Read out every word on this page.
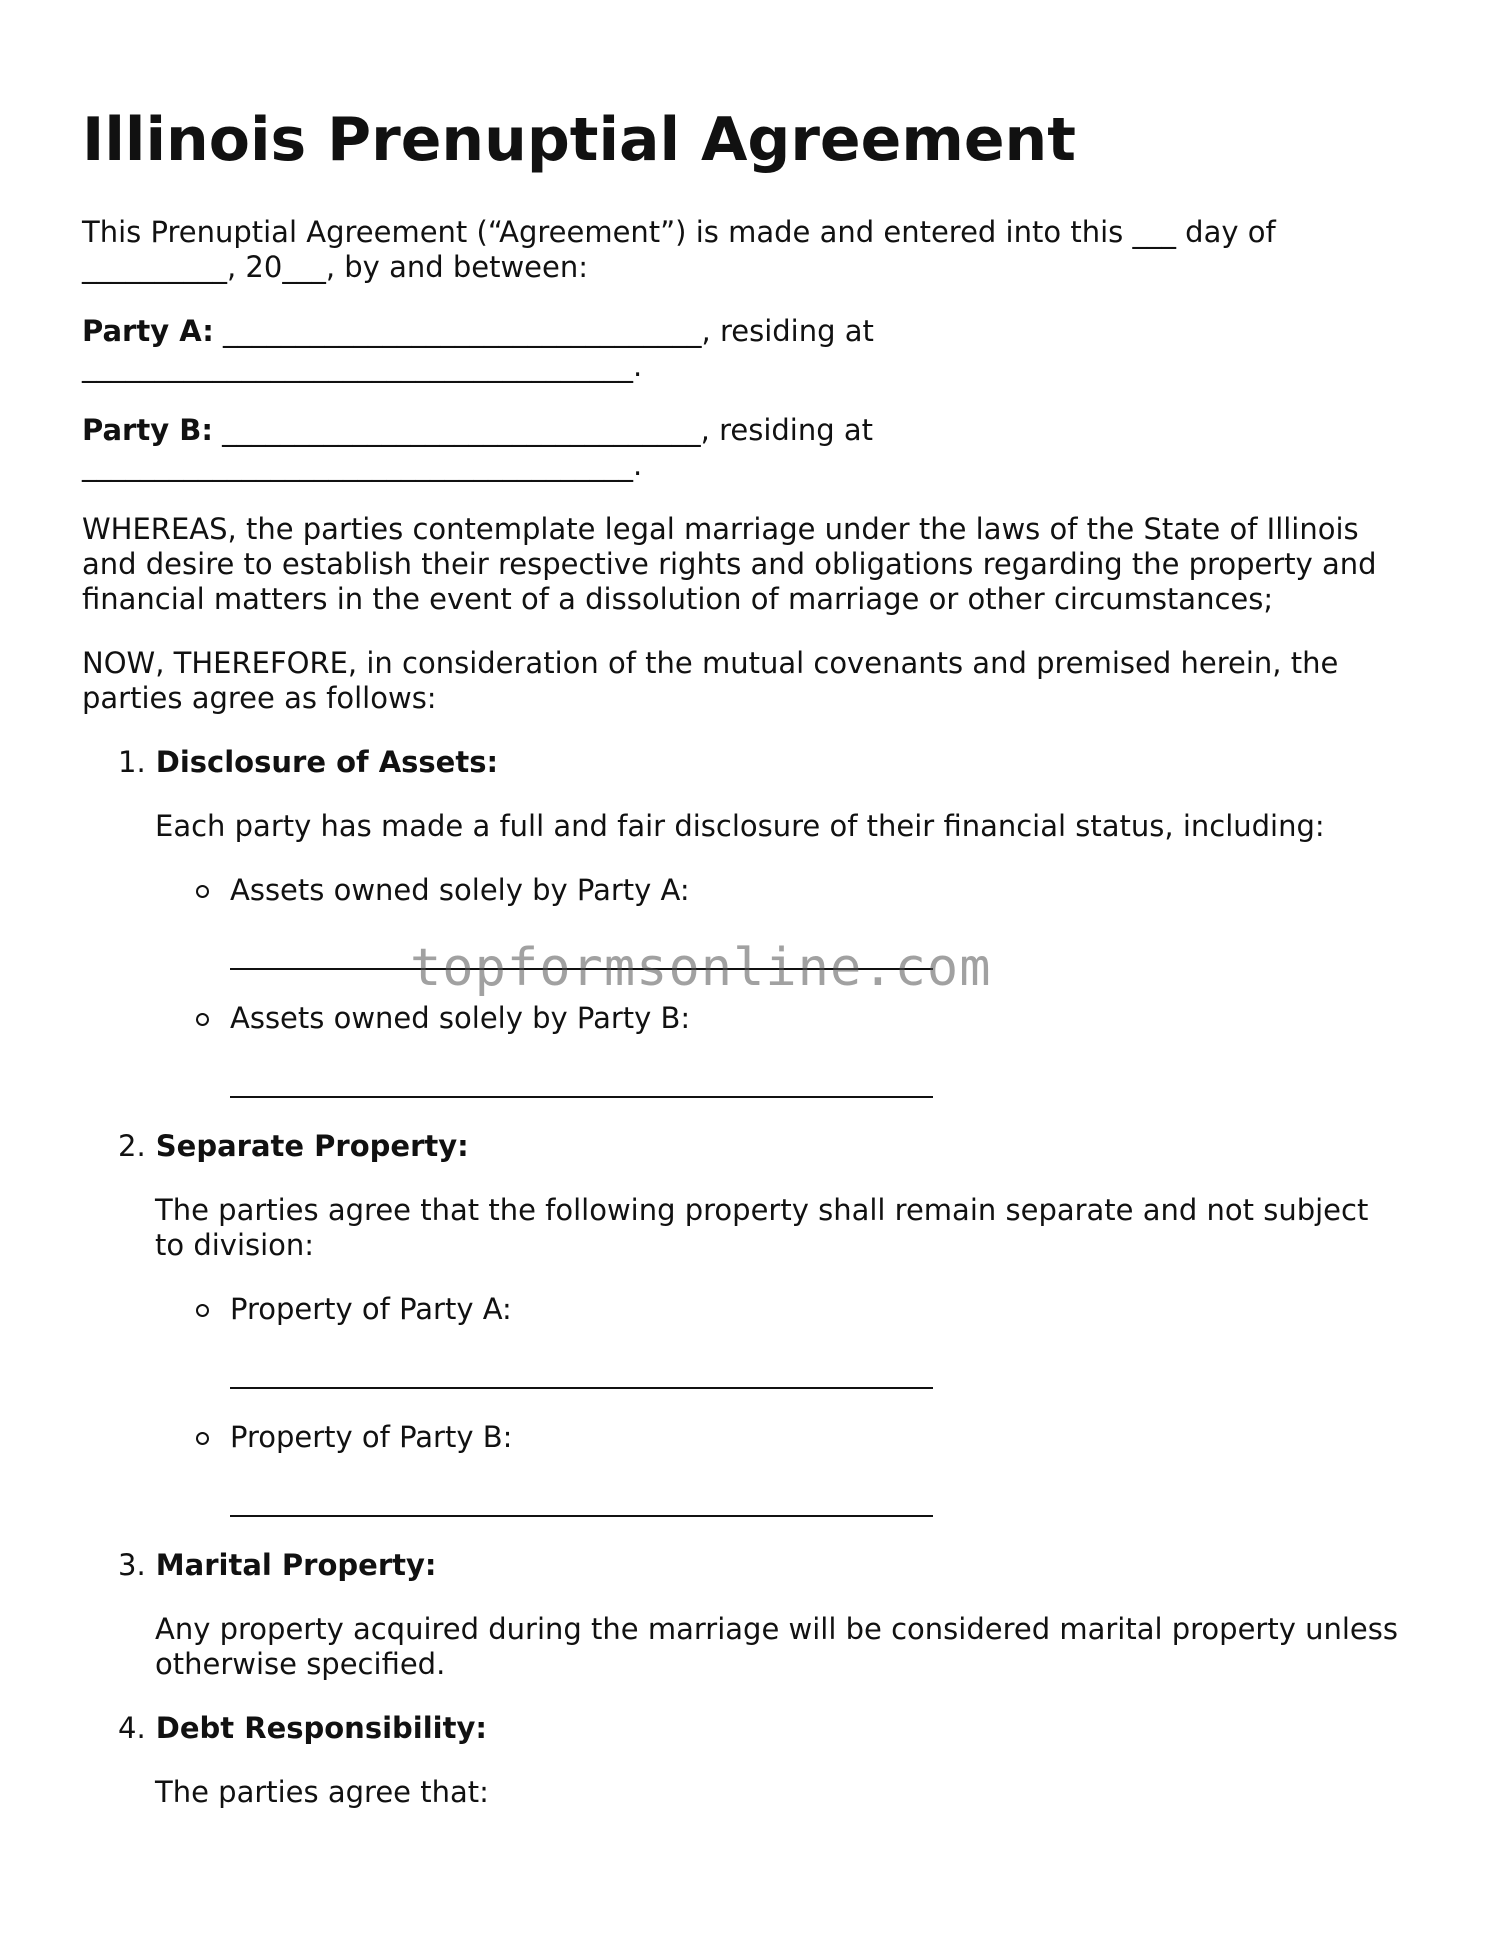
Illinois Prenuptial Agreement
This Prenuptial Agreement (“Agreement”) is made and entered into this ___ day of
__________, 20___, by and between:
Party A: _________________________________, residing at
______________________________________.
Party B: _________________________________, residing at
______________________________________.
WHEREAS, the parties contemplate legal marriage under the laws of the State of Illinois
and desire to establish their respective rights and obligations regarding the property and
financial matters in the event of a dissolution of marriage or other circumstances;
NOW, THEREFORE, in consideration of the mutual covenants and premised herein, the
parties agree as follows:
1. Disclosure of Assets:
Each party has made a full and fair disclosure of their financial status, including:
Assets owned solely by Party A:
Assets owned solely by Party B:
2. Separate Property:
The parties agree that the following property shall remain separate and not subject
to division:
Property of Party A:
Property of Party B:
3. Marital Property:
Any property acquired during the marriage will be considered marital property unless
otherwise specified.
4. Debt Responsibility:
The parties agree that:
topformsonline.com
